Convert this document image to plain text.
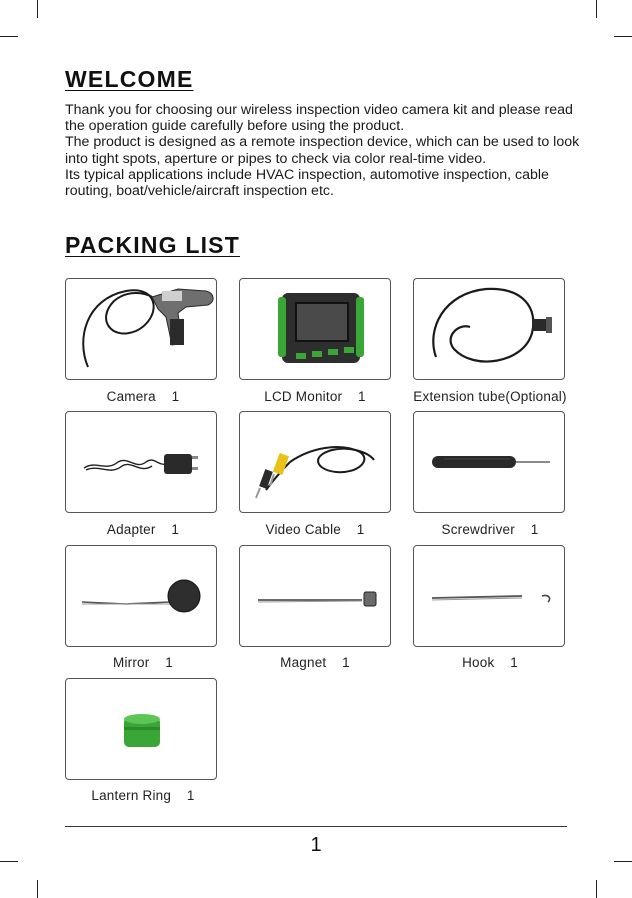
WELCOME

Thank you for choosing our wireless inspection video camera kit and please read the operation guide carefully before using the product.

The product is designed as a remote inspection device, which can be used to look into tight spots, aperture or pipes to check via color real-time video.

Its typical applications include HVAC inspection, automotive inspection, cable routing, boat/vehicle/aircraft inspection etc.

PACKING LIST
Camera    1	LCD Monitor    1	Extension tube(Optional)
Adapter    1	Video Cable    1	Screwdriver    1
Mirror    1	Magnet    1	Hook    1
Lantern Ring    1
1
